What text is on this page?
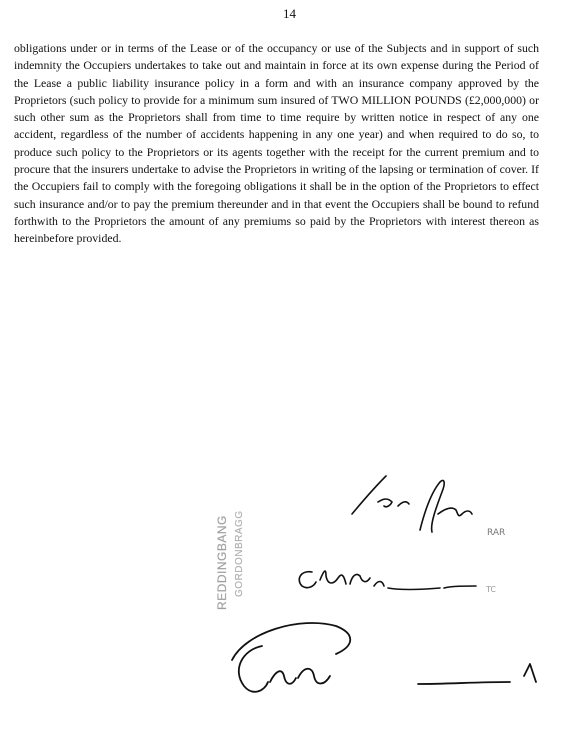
14

obligations under or in terms of the Lease or of the occupancy or use of the Subjects and in support of such indemnity the Occupiers undertakes to take out and maintain in force at its own expense during the Period of the Lease a public liability insurance policy in a form and with an insurance company approved by the Proprietors (such policy to provide for a minimum sum insured of TWO MILLION POUNDS (£2,000,000) or such other sum as the Proprietors shall from time to time require by written notice in respect of any one accident, regardless of the number of accidents happening in any one year) and when required to do so, to produce such policy to the Proprietors or its agents together with the receipt for the current premium and to procure that the insurers undertake to advise the Proprietors in writing of the lapsing or termination of cover. If the Occupiers fail to comply with the foregoing obligations it shall be in the option of the Proprietors to effect such insurance and/or to pay the premium thereunder and in that event the Occupiers shall be bound to refund forthwith to the Proprietors the amount of any premiums so paid by the Proprietors with interest thereon as hereinbefore provided.

REDDINGBANG GORDONBRAGG	RAR
TC
